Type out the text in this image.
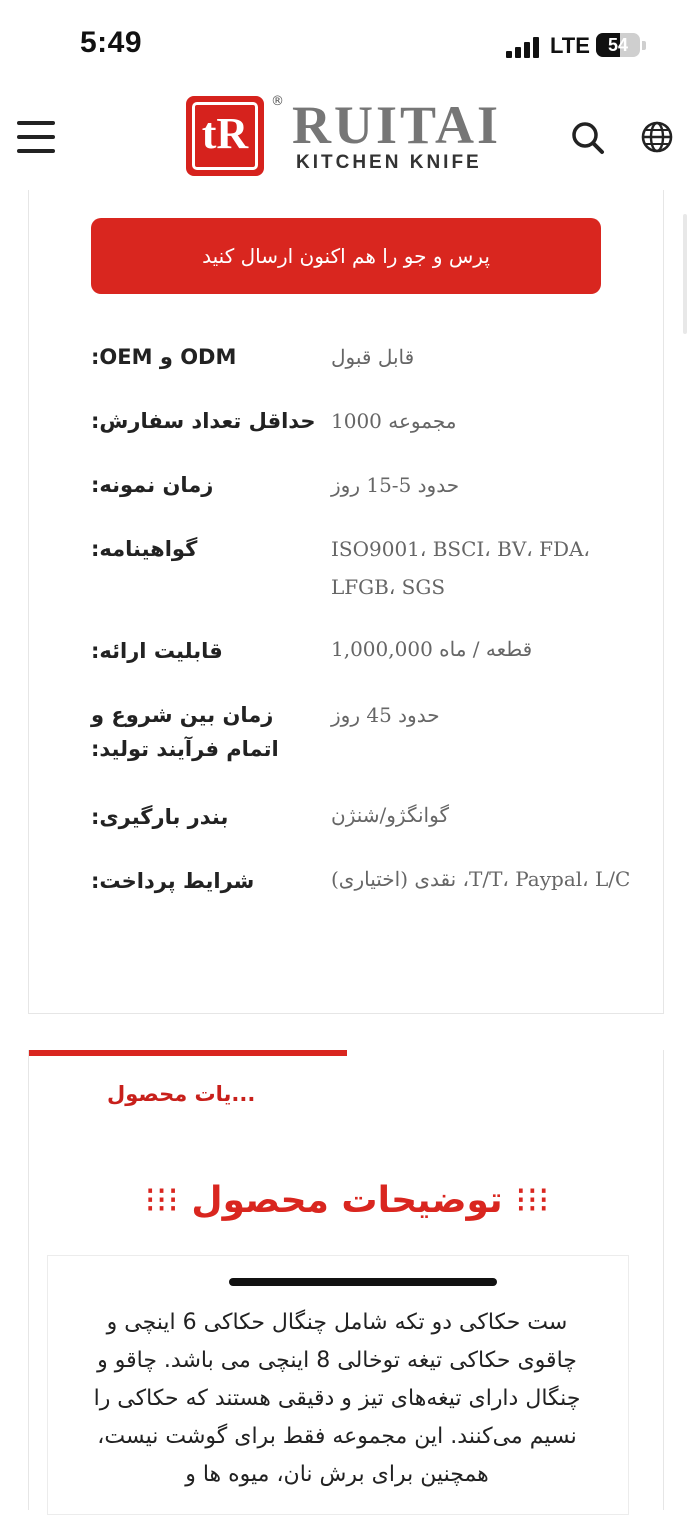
5:49	LTE	54
tR
® RUITAI
KITCHEN KNIFE
پرس و جو را هم اکنون ارسال کنید
ODM و OEM:	قابل قبول
حداقل تعداد سفارش: مجموعه 1000
زمان نمونه:	حدود 5-15 روز
گواهینامه:	ISO9001، BSCI، BV، FDA، LFGB، SGS
قابلیت ارائه:	قطعه / ماه 1,000,000
زمان بین شروع و اتمام فرآیند تولید:
حدود 45 روز
بندر بارگیری:	گوانگژو/شنژن
شرایط پرداخت:	T/T، Paypal، L/C، نقدی (اختیاری)
...یات محصول
⁝⁝⁝ توضیحات محصول ⁝⁝⁝
ست حکاکی دو تکه شامل چنگال حکاکی 6 اینچی و چاقوی حکاکی تیغه توخالی 8 اینچی می باشد. چاقو و چنگال دارای تیغه‌های تیز و دقیقی هستند که حکاکی را نسیم می‌کنند. این مجموعه فقط برای گوشت نیست، همچنین برای برش نان، میوه ها و
